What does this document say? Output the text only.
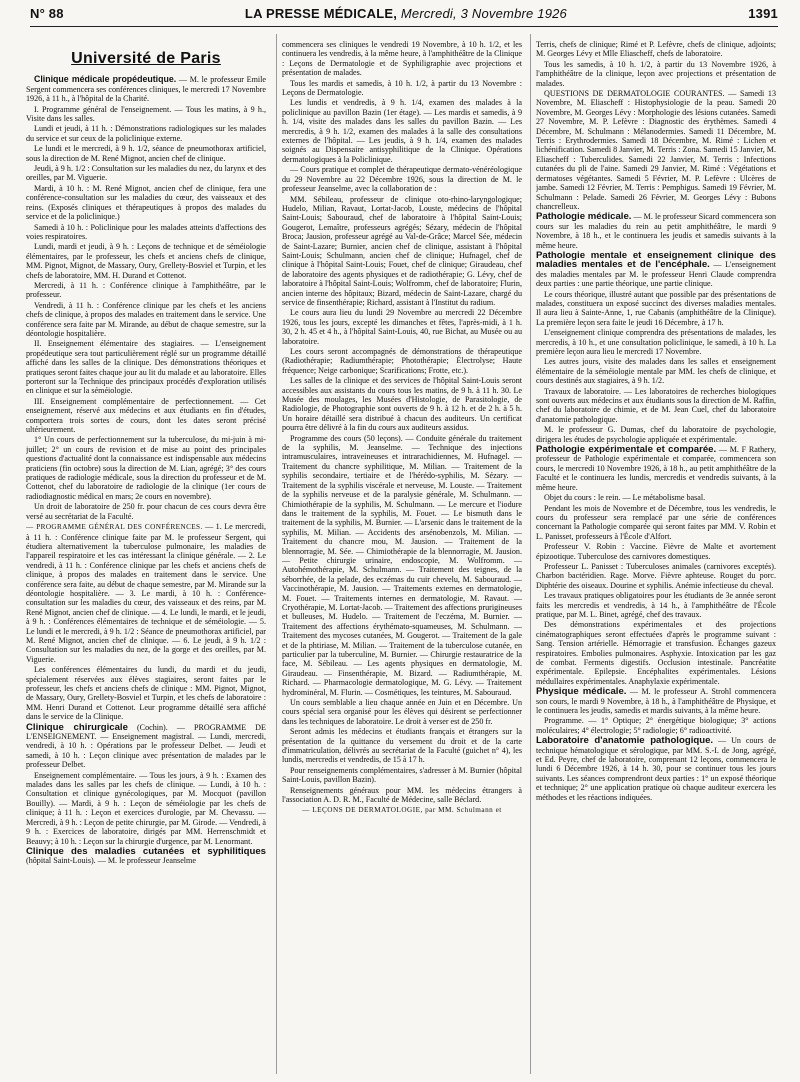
N° 88	LA PRESSE MÉDICALE, Mercredi, 3 Novembre 1926	1391
Université de Paris

Clinique médicale propédeutique. — M. le professeur Emile Sergent commencera ses conférences cliniques, le mercredi 17 Novembre 1926, à 11 h., à l'hôpital de la Charité.

I. Programme général de l'enseignement. — Tous les matins, à 9 h., Visite dans les salles.

Lundi et jeudi, à 11 h. : Démonstrations radiologiques sur les malades du service et sur ceux de la policlinique externe.

Le lundi et le mercredi, à 9 h. 1/2, séance de pneumothorax artificiel, sous la direction de M. René Mignot, ancien chef de clinique.

Jeudi, à 9 h. 1/2 : Consultation sur les maladies du nez, du larynx et des oreilles, par M. Viguerie.

Mardi, à 10 h. : M. René Mignot, ancien chef de clinique, fera une conférence-consultation sur les maladies du cœur, des vaisseaux et des reins. (Exposés cliniques et thérapeutiques à propos des malades du service et de la policlinique.)

Samedi à 10 h. : Policlinique pour les malades atteints d'affections des voies respiratoires.

Lundi, mardi et jeudi, à 9 h. : Leçons de technique et de séméiologie élémentaires, par le professeur, les chefs et anciens chefs de clinique, MM. Pignot, Mignot, de Massary, Oury, Grellety-Bosviel et Turpin, et les chefs de laboratoire, MM. H. Durand et Cottenot.

Mercredi, à 11 h. : Conférence clinique à l'amphithéâtre, par le professeur.

Vendredi, à 11 h. : Conférence clinique par les chefs et les anciens chefs de clinique, à propos des malades en traitement dans le service. Une conférence sera faite par M. Mirande, au début de chaque semestre, sur la déontologie hospitalière.

II. Enseignement élémentaire des stagiaires. — L'enseignement propédeutique sera tout particulièrement réglé sur un programme détaillé affiché dans les salles de la clinique. Des démonstrations théoriques et pratiques seront faites chaque jour au lit du malade et au laboratoire. Elles porteront sur la Technique des principaux procédés d'exploration utilisés en clinique et sur la séméiologie.

III. Enseignement complémentaire de perfectionnement. — Cet enseignement, réservé aux médecins et aux étudiants en fin d'études, comportera trois sortes de cours, dont les dates seront précisé ultérieurement.

1° Un cours de perfectionnement sur la tuberculose, du mi-juin à mi-juillet; 2° un cours de revision et de mise au point des principales questions d'actualité dont la connaissance est indispensable aux médecins praticiens (fin octobre) sous la direction de M. Lian, agrégé; 3° des cours pratiques de radiologie médicale, sous la direction du professeur et de M. Cottenot, chef du laboratoire de radiologie de la clinique (1er cours de radiodiagnostic médical en mars; 2e cours en novembre).

Un droit de laboratoire de 250 fr. pour chacun de ces cours devra être versé au secrétariat de la Faculté.

— PROGRAMME GÉNÉRAL DES CONFÉRENCES. — 1. Le mercredi, à 11 h. : Conférence clinique faite par M. le professeur Sergent, qui étudiera alternativement la tuberculose pulmonaire, les maladies de l'appareil respiratoire et les cas intéressant la clinique générale. — 2. Le vendredi, à 11 h. : Conférence clinique par les chefs et anciens chefs de clinique, à propos des malades en traitement dans le service. Une conférence sera faite, au début de chaque semestre, par M. Mirande sur la déontologie hospitalière. — 3. Le mardi, à 10 h. : Conférence-consultation sur les maladies du cœur, des vaisseaux et des reins, par M. René Mignot, ancien chef de clinique. — 4. Le lundi, le mardi, et le jeudi, à 9 h. : Conférences élémentaires de technique et de séméiologie. — 5. Le lundi et le mercredi, à 9 h. 1/2 : Séance de pneumothorax artificiel, par M. René Mignot, ancien chef de clinique. — 6. Le jeudi, à 9 h. 1/2 : Consultation sur les maladies du nez, de la gorge et des oreilles, par M. Viguerie.

Les conférences élémentaires du lundi, du mardi et du jeudi, spécialement réservées aux élèves stagiaires, seront faites par le professeur, les chefs et anciens chefs de clinique : MM. Pignot, Mignot, de Massary, Oury, Grellety-Bosviel et Turpin, et les chefs de laboratoire : MM. Henri Durand et Cottenot. Leur programme détaillé sera affiché dans le service de la Clinique.

Clinique chirurgicale (Cochin). — PROGRAMME DE L'ENSEIGNEMENT. — Enseignement magistral. — Lundi, mercredi, vendredi, à 10 h. : Opérations par le professeur Delbet. — Jeudi et samedi, à 10 h. : Leçon clinique avec présentation de malades par le professeur Delbet.

Enseignement complémentaire. — Tous les jours, à 9 h. : Examen des malades dans les salles par les chefs de clinique. — Lundi, à 10 h. : Consultation et clinique gynécologiques, par M. Mocquot (pavillon Bouilly). — Mardi, à 9 h. : Leçon de séméiologie par les chefs de clinique; à 11 h. : Leçon et exercices d'urologie, par M. Chevassu. — Mercredi, à 9 h. : Leçon de petite chirurgie, par M. Girode. — Vendredi, à 9 h. : Exercices de laboratoire, dirigés par MM. Herrenschmidt et Beauvy; à 10 h. : Leçon sur la chirurgie d'urgence, par M. Lenormant.

Clinique des maladies cutanées et syphilitiques (hôpital Saint-Louis). — M. le professeur Jeanselme

commencera ses cliniques le vendredi 19 Novembre, à 10 h. 1/2, et les continuera les vendredis, à la même heure, à l'amphithéâtre de la Clinique : Leçons de Dermatologie et de Syphiligraphie avec projections et présentation de malades.

Tous les mardis et samedis, à 10 h. 1/2, à partir du 13 Novembre : Leçons de Dermatologie.

Les lundis et vendredis, à 9 h. 1/4, examen des malades à la policlinique au pavillon Bazin (1er étage). — Les mardis et samedis, à 9 h. 1/4, visite des malades dans les salles du pavillon Bazin. — Les mercredis, à 9 h. 1/2, examen des malades à la salle des consultations externes de l'hôpital. — Les jeudis, à 9 h. 1/4, examen des malades soignés au Dispensaire antisyphilitique de la Clinique. Opérations dermatologiques à la Policlinique.

— Cours pratique et complet de thérapeutique dermato-vénéréologique du 29 Novembre au 22 Décembre 1926, sous la direction de M. le professeur Jeanselme, avec la collaboration de :

MM. Sébileau, professeur de clinique oto-rhino-laryngologique; Hudelo, Milian, Ravaut, Lortat-Jacob, Louste, médecins de l'hôpital Saint-Louis; Sabouraud, chef de laboratoire à l'hôpital Saint-Louis; Gougerot, Lemaître, professeurs agrégés; Sézary, médecin de l'hôpital Broca; Jausion, professeur agrégé au Val-de-Grâce; Marcel Sée, médecin de Saint-Lazare; Burnier, ancien chef de clinique, assistant à l'hôpital Saint-Louis; Schulmann, ancien chef de clinique; Hufnagel, chef de clinique à l'hôpital Saint-Louis; Fouet, chef de clinique; Giraudeau, chef de laboratoire des agents physiques et de radiothérapie; G. Lévy, chef de laboratoire à l'hôpital Saint-Louis; Wolfromm, chef de laboratoire; Flurin, ancien interne des hôpitaux; Bizard, médecin de Saint-Lazare, chargé du service de finsenthérapie; Richard, assistant à l'Institut du radium.

Le cours aura lieu du lundi 29 Novembre au mercredi 22 Décembre 1926, tous les jours, excepté les dimanches et fêtes, l'après-midi, à 1 h. 30, 2 h. 45 et 4 h., à l'hôpital Saint-Louis, 40, rue Bichat, au Musée ou au laboratoire.

Les cours seront accompagnés de démonstrations de thérapeutique (Radiothérapie; Radiumthérapie; Photothérapie; Électrolyse; Haute fréquence; Neige carbonique; Scarifications; Frotte, etc.).

Les salles de la clinique et des services de l'hôpital Saint-Louis seront accessibles aux assistants du cours tous les matins, de 9 h. à 11 h. 30. Le Musée des moulages, les Musées d'Histologie, de Parasitologie, de Radiologie, de Photographie sont ouverts de 9 h. à 12 h. et de 2 h. à 5 h. Un horaire détaillé sera distribué à chacun des auditeurs. Un certificat pourra être délivré à la fin du cours aux auditeurs assidus.

Programme des cours (50 leçons). — Conduite générale du traitement de la syphilis, M. Jeanselme. — Technique des injections intramusculaires, intraveineuses et intrarachidiennes, M. Hufnagel. — Traitement du chancre syphilitique, M. Milian. — Traitement de la syphilis secondaire, tertiaire et de l'hérédo-syphilis, M. Sézary. — Traitement de la syphilis viscérale et nerveuse, M. Louste. — Traitement de la syphilis nerveuse et de la paralysie générale, M. Schulmann. — Chimiothérapie de la syphilis, M. Schulmann. — Le mercure et l'iodure dans le traitement de la syphilis, M. Fouet. — Le bismuth dans le traitement de la syphilis, M. Burnier. — L'arsenic dans le traitement de la syphilis, M. Milian. — Accidents des arsénobenzols, M. Milian. — Traitement du chancre mou, M. Jausion. — Traitement de la blennorragie, M. Sée. — Chimiothérapie de la blennorragie, M. Jausion. — Petite chirurgie urinaire, endoscopie, M. Wolfromm. — Autohémothérapie, M. Schulmann. — Traitement des teignes, de la séborrhée, de la pelade, des eczémas du cuir chevelu, M. Sabouraud. — Vaccinothérapie, M. Jausion. — Traitements externes en dermatologie, M. Fouet. — Traitements internes en dermatologie, M. Ravaut. — Cryothérapie, M. Lortat-Jacob. — Traitement des affections prurigineuses et bulleuses, M. Hudelo. — Traitement de l'eczéma, M. Burnier. — Traitement des affections érythémato-squameuses, M. Schulmann. — Traitement des mycoses cutanées, M. Gougerot. — Traitement de la gale et de la phtiriase, M. Milian. — Traitement de la tuberculose cutanée, en particulier par la tuberculine, M. Burnier. — Chirurgie restauratrice de la face, M. Sébileau. — Les agents physiques en dermatologie, M. Giraudeau. — Finsenthérapie, M. Bizard. — Radiumthérapie, M. Richard. — Pharmacologie dermatologique, M. G. Lévy. — Traitement hydrominéral, M. Flurin. — Cosmétiques, les teintures, M. Sabouraud.

Un cours semblable a lieu chaque année en Juin et en Décembre. Un cours spécial sera organisé pour les élèves qui désirent se perfectionner dans les techniques de laboratoire. Le droit à verser est de 250 fr.

Seront admis les médecins et étudiants français et étrangers sur la présentation de la quittance du versement du droit et de la carte d'immatriculation, délivrés au secrétariat de la Faculté (guichet n° 4), les lundis, mercredis et vendredis, de 15 à 17 h.

Pour renseignements complémentaires, s'adresser à M. Burnier (hôpital Saint-Louis, pavillon Bazin).

Renseignements généraux pour MM. les médecins étrangers à l'association A. D. R. M., Faculté de Médecine, salle Béclard.

— LEÇONS DE DERMATOLOGIE, par MM. Schulmann et

Terris, chefs de clinique; Rimé et P. Lefèvre, chefs de clinique, adjoints; M. Georges Lévy et Mlle Eliascheff, chefs de laboratoire.

Tous les samedis, à 10 h. 1/2, à partir du 13 Novembre 1926, à l'amphithéâtre de la clinique, leçon avec projections et présentation de malades.

QUESTIONS DE DERMATOLOGIE COURANTES. — Samedi 13 Novembre, M. Eliascheff : Histophysiologie de la peau. Samedi 20 Novembre, M. Georges Lévy : Morphologie des lésions cutanées. Samedi 27 Novembre, M. P. Lefèvre : Diagnostic des érythèmes. Samedi 4 Décembre, M. Schulmann : Mélanodermies. Samedi 11 Décembre, M. Terris : Erythrodermies. Samedi 18 Décembre, M. Rimé : Lichen et lichénification. Samedi 8 Janvier, M. Terris : Zona. Samedi 15 Janvier, M. Eliascheff : Tuberculides. Samedi 22 Janvier, M. Terris : Infections cutanées du pli de l'aine. Samedi 29 Janvier, M. Rimé : Végétations et dermatoses végétantes. Samedi 5 Février, M. P. Lefèvre : Ulcères de jambe. Samedi 12 Février, M. Terris : Pemphigus. Samedi 19 Février, M. Schulmann : Pelade. Samedi 26 Février, M. Georges Lévy : Bubons chancrelleux.

Pathologie médicale. — M. le professeur Sicard commencera son cours sur les maladies du rein au petit amphithéâtre, le mardi 9 Novembre, à 18 h., et le continuera les jeudis et samedis suivants à la même heure.

Pathologie mentale et enseignement clinique des maladies mentales et de l'encéphale. — L'enseignement des maladies mentales par M. le professeur Henri Claude comprendra deux parties : une partie théorique, une partie clinique.

Le cours théorique, illustré autant que possible par des présentations de malades, constituera un exposé succinct des diverses maladies mentales. Il aura lieu à Sainte-Anne, 1, rue Cabanis (amphithéâtre de la Clinique). La première leçon sera faite le jeudi 16 Décembre, à 17 h.

L'enseignement clinique comprendra des présentations de malades, les mercredis, à 10 h., et une consultation policlinique, le samedi, à 10 h. La première leçon aura lieu le mercredi 17 Novembre.

Les autres jours, visite des malades dans les salles et enseignement élémentaire de la séméiologie mentale par MM. les chefs de clinique, et cours destinés aux stagiaires, à 9 h. 1/2.

Travaux de laboratoire. — Les laboratoires de recherches biologiques sont ouverts aux médecins et aux étudiants sous la direction de M. Raffin, chef du laboratoire de chimie, et de M. Jean Cuel, chef du laboratoire d'anatomie pathologique.

M. le professeur G. Dumas, chef du laboratoire de psychologie, dirigera les études de psychologie appliquée et expérimentale.

Pathologie expérimentale et comparée. — M. F Rathery, professeur de Pathologie expérimentale et comparée, commencera son cours, le mercredi 10 Novembre 1926, à 18 h., au petit amphithéâtre de la Faculté et le continuera les lundis, mercredis et vendredis suivants, à la même heure.

Objet du cours : le rein. — Le métabolisme basal.

Pendant les mois de Novembre et de Décembre, tous les vendredis, le cours du professeur sera remplacé par une série de conférences concernant la Pathologie comparée qui seront faites par MM. V. Robin et L. Panisset, professeurs à l'École d'Alfort.

Professeur V. Robin : Vaccine. Fièvre de Malte et avortement épizootique. Tuberculose des carnivores domestiques.

Professeur L. Panisset : Tuberculoses animales (carnivores exceptés). Charbon bactéridien. Rage. Morve. Fièvre aphteuse. Rouget du porc. Diphtérie des oiseaux. Dourine et syphilis. Anémie infectieuse du cheval.

Les travaux pratiques obligatoires pour les étudiants de 3e année seront faits les mercredis et vendredis, à 14 h., à l'amphithéâtre de l'École pratique, par M. L. Binet, agrégé, chef des travaux.

Des démonstrations expérimentales et des projections cinématographiques seront effectuées d'après le programme suivant : Sang. Tension artérielle. Hémorragie et transfusion. Échanges gazeux respiratoires. Embolies pulmonaires. Asphyxie. Intoxication par les gaz de combat. Ferments digestifs. Occlusion intestinale. Pancréatite expérimentale. Epilepsie. Encéphalites expérimentales. Lésions médullaires expérimentales. Anaphylaxie expérimentale.

Physique médicale. — M. le professeur A. Strohl commencera son cours, le mardi 9 Novembre, à 18 h., à l'amphithéâtre de Physique, et le continuera les jeudis, samedis et mardis suivants, à la même heure.

Programme. — 1° Optique; 2° énergétique biologique; 3° actions moléculaires; 4° électrologie; 5° radiologie; 6° radioactivité.

Laboratoire d'anatomie pathologique. — Un cours de technique hématologique et sérologique, par MM. S.-I. de Jong, agrégé, et Ed. Peyre, chef de laboratoire, comprenant 12 leçons, commencera le lundi 6 Décembre 1926, à 14 h. 30, pour se continuer tous les jours suivants. Les séances comprendront deux parties : 1° un exposé théorique et technique; 2° une application pratique où chaque auditeur exercera les méthodes et les réactions indiquées.
